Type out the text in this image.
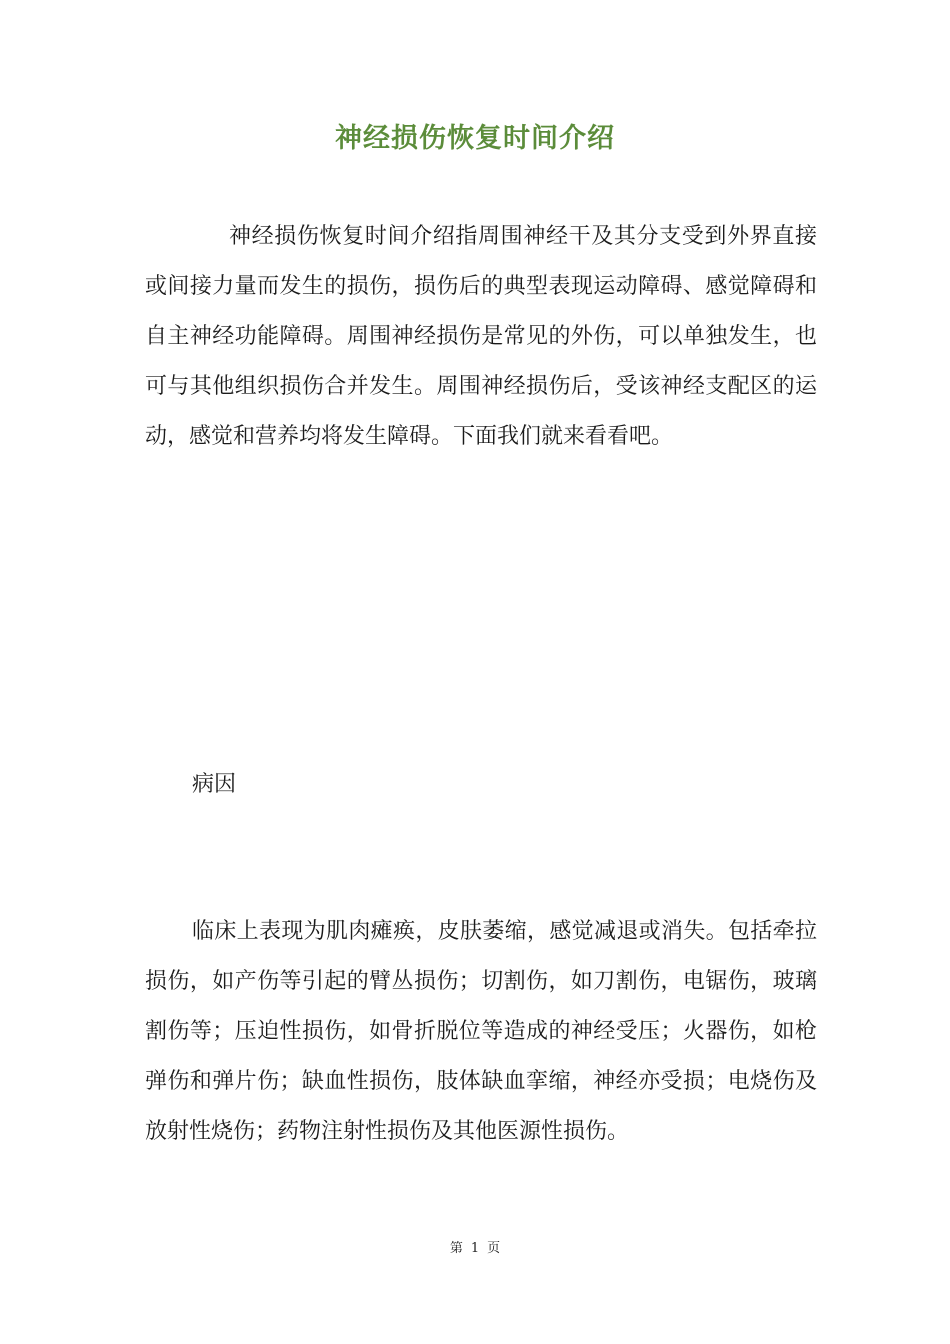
神经损伤恢复时间介绍

神经损伤恢复时间介绍指周围神经干及其分支受到外界直接或间接力量而发生的损伤，损伤后的典型表现运动障碍、感觉障碍和自主神经功能障碍。周围神经损伤是常见的外伤，可以单独发生，也可与其他组织损伤合并发生。周围神经损伤后，受该神经支配区的运动，感觉和营养均将发生障碍。下面我们就来看看吧。

病因

临床上表现为肌肉瘫痪，皮肤萎缩，感觉减退或消失。包括牵拉损伤，如产伤等引起的臂丛损伤；切割伤，如刀割伤，电锯伤，玻璃割伤等；压迫性损伤，如骨折脱位等造成的神经受压；火器伤，如枪弹伤和弹片伤；缺血性损伤，肢体缺血挛缩，神经亦受损；电烧伤及放射性烧伤；药物注射性损伤及其他医源性损伤。

第 1 页
